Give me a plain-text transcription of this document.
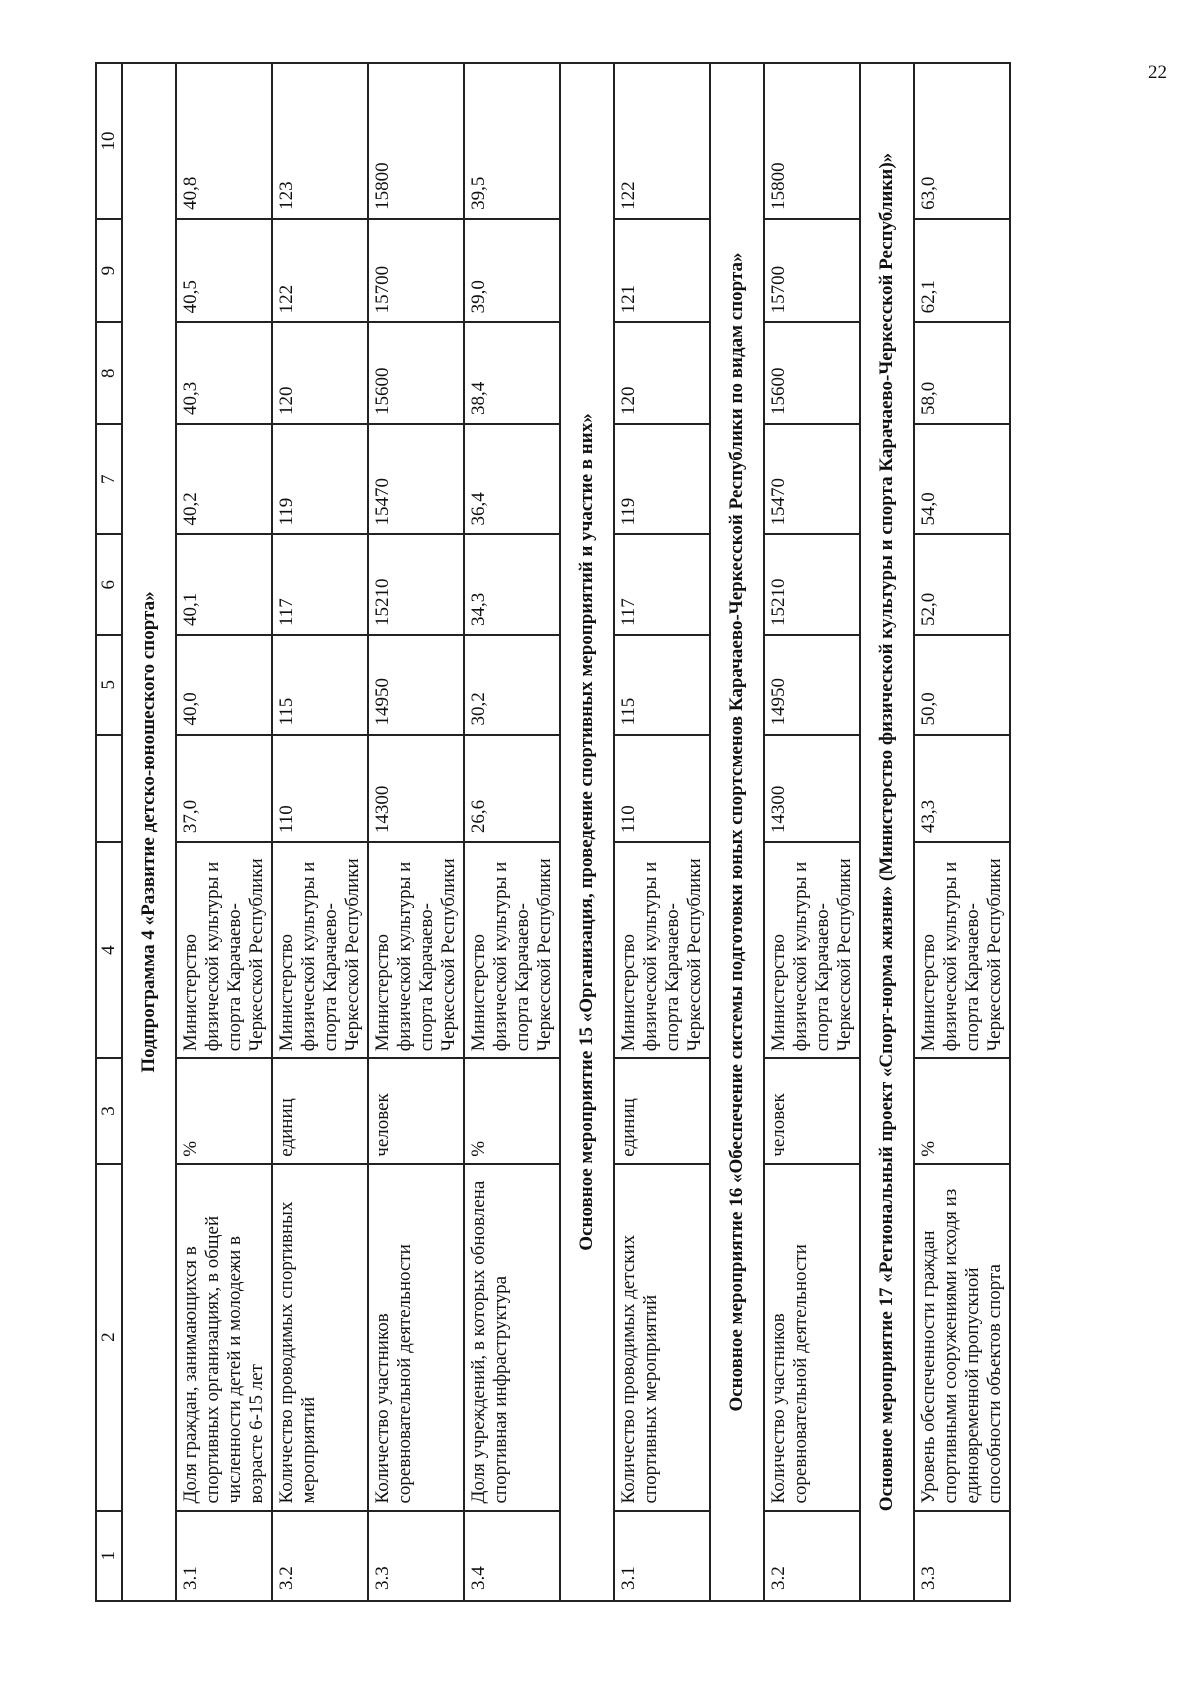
22
1	2	3	4		5	6	7	8	9	10
Подпрограмма 4 «Развитие детско-юношеского спорта»										
3.1	Доля граждан, занимающихся в спортивных организациях, в общей численности детей и молодежи в возрасте 6-15 лет	%	Министерство физической культуры и спорта Карачаево-Черкесской Республики	37,0	40,0	40,1	40,2	40,3	40,5	40,8
3.2	Количество проводимых спортивных мероприятий	единиц	Министерство физической культуры и спорта Карачаево-Черкесской Республики	110	115	117	119	120	122	123
3.3	Количество участников соревновательной деятельности	человек	Министерство физической культуры и спорта Карачаево-Черкесской Республики	14300	14950	15210	15470	15600	15700	15800
3.4	Доля учреждений, в которых обновлена спортивная инфраструктура	%	Министерство физической культуры и спорта Карачаево-Черкесской Республики	26,6	30,2	34,3	36,4	38,4	39,0	39,5
Основное мероприятие 15 «Организация, проведение спортивных мероприятий и участие в них»										
3.1	Количество проводимых детских спортивных мероприятий	единиц	Министерство физической культуры и спорта Карачаево-Черкесской Республики	110	115	117	119	120	121	122
Основное мероприятие 16 «Обеспечение системы подготовки юных спортсменов Карачаево-Черкесской Республики по видам спорта»										
3.2	Количество участников соревновательной деятельности	человек	Министерство физической культуры и спорта Карачаево-Черкесской Республики	14300	14950	15210	15470	15600	15700	15800
Основное мероприятие 17 «Региональный проект «Спорт-норма жизни» (Министерство физической культуры и спорта Карачаево-Черкесской Республики)»										
3.3	Уровень обеспеченности граждан спортивными сооружениями исходя из единовременной пропускной способности объектов спорта	%	Министерство физической культуры и спорта Карачаево-Черкесской Республики	43,3	50,0	52,0	54,0	58,0	62,1	63,0
